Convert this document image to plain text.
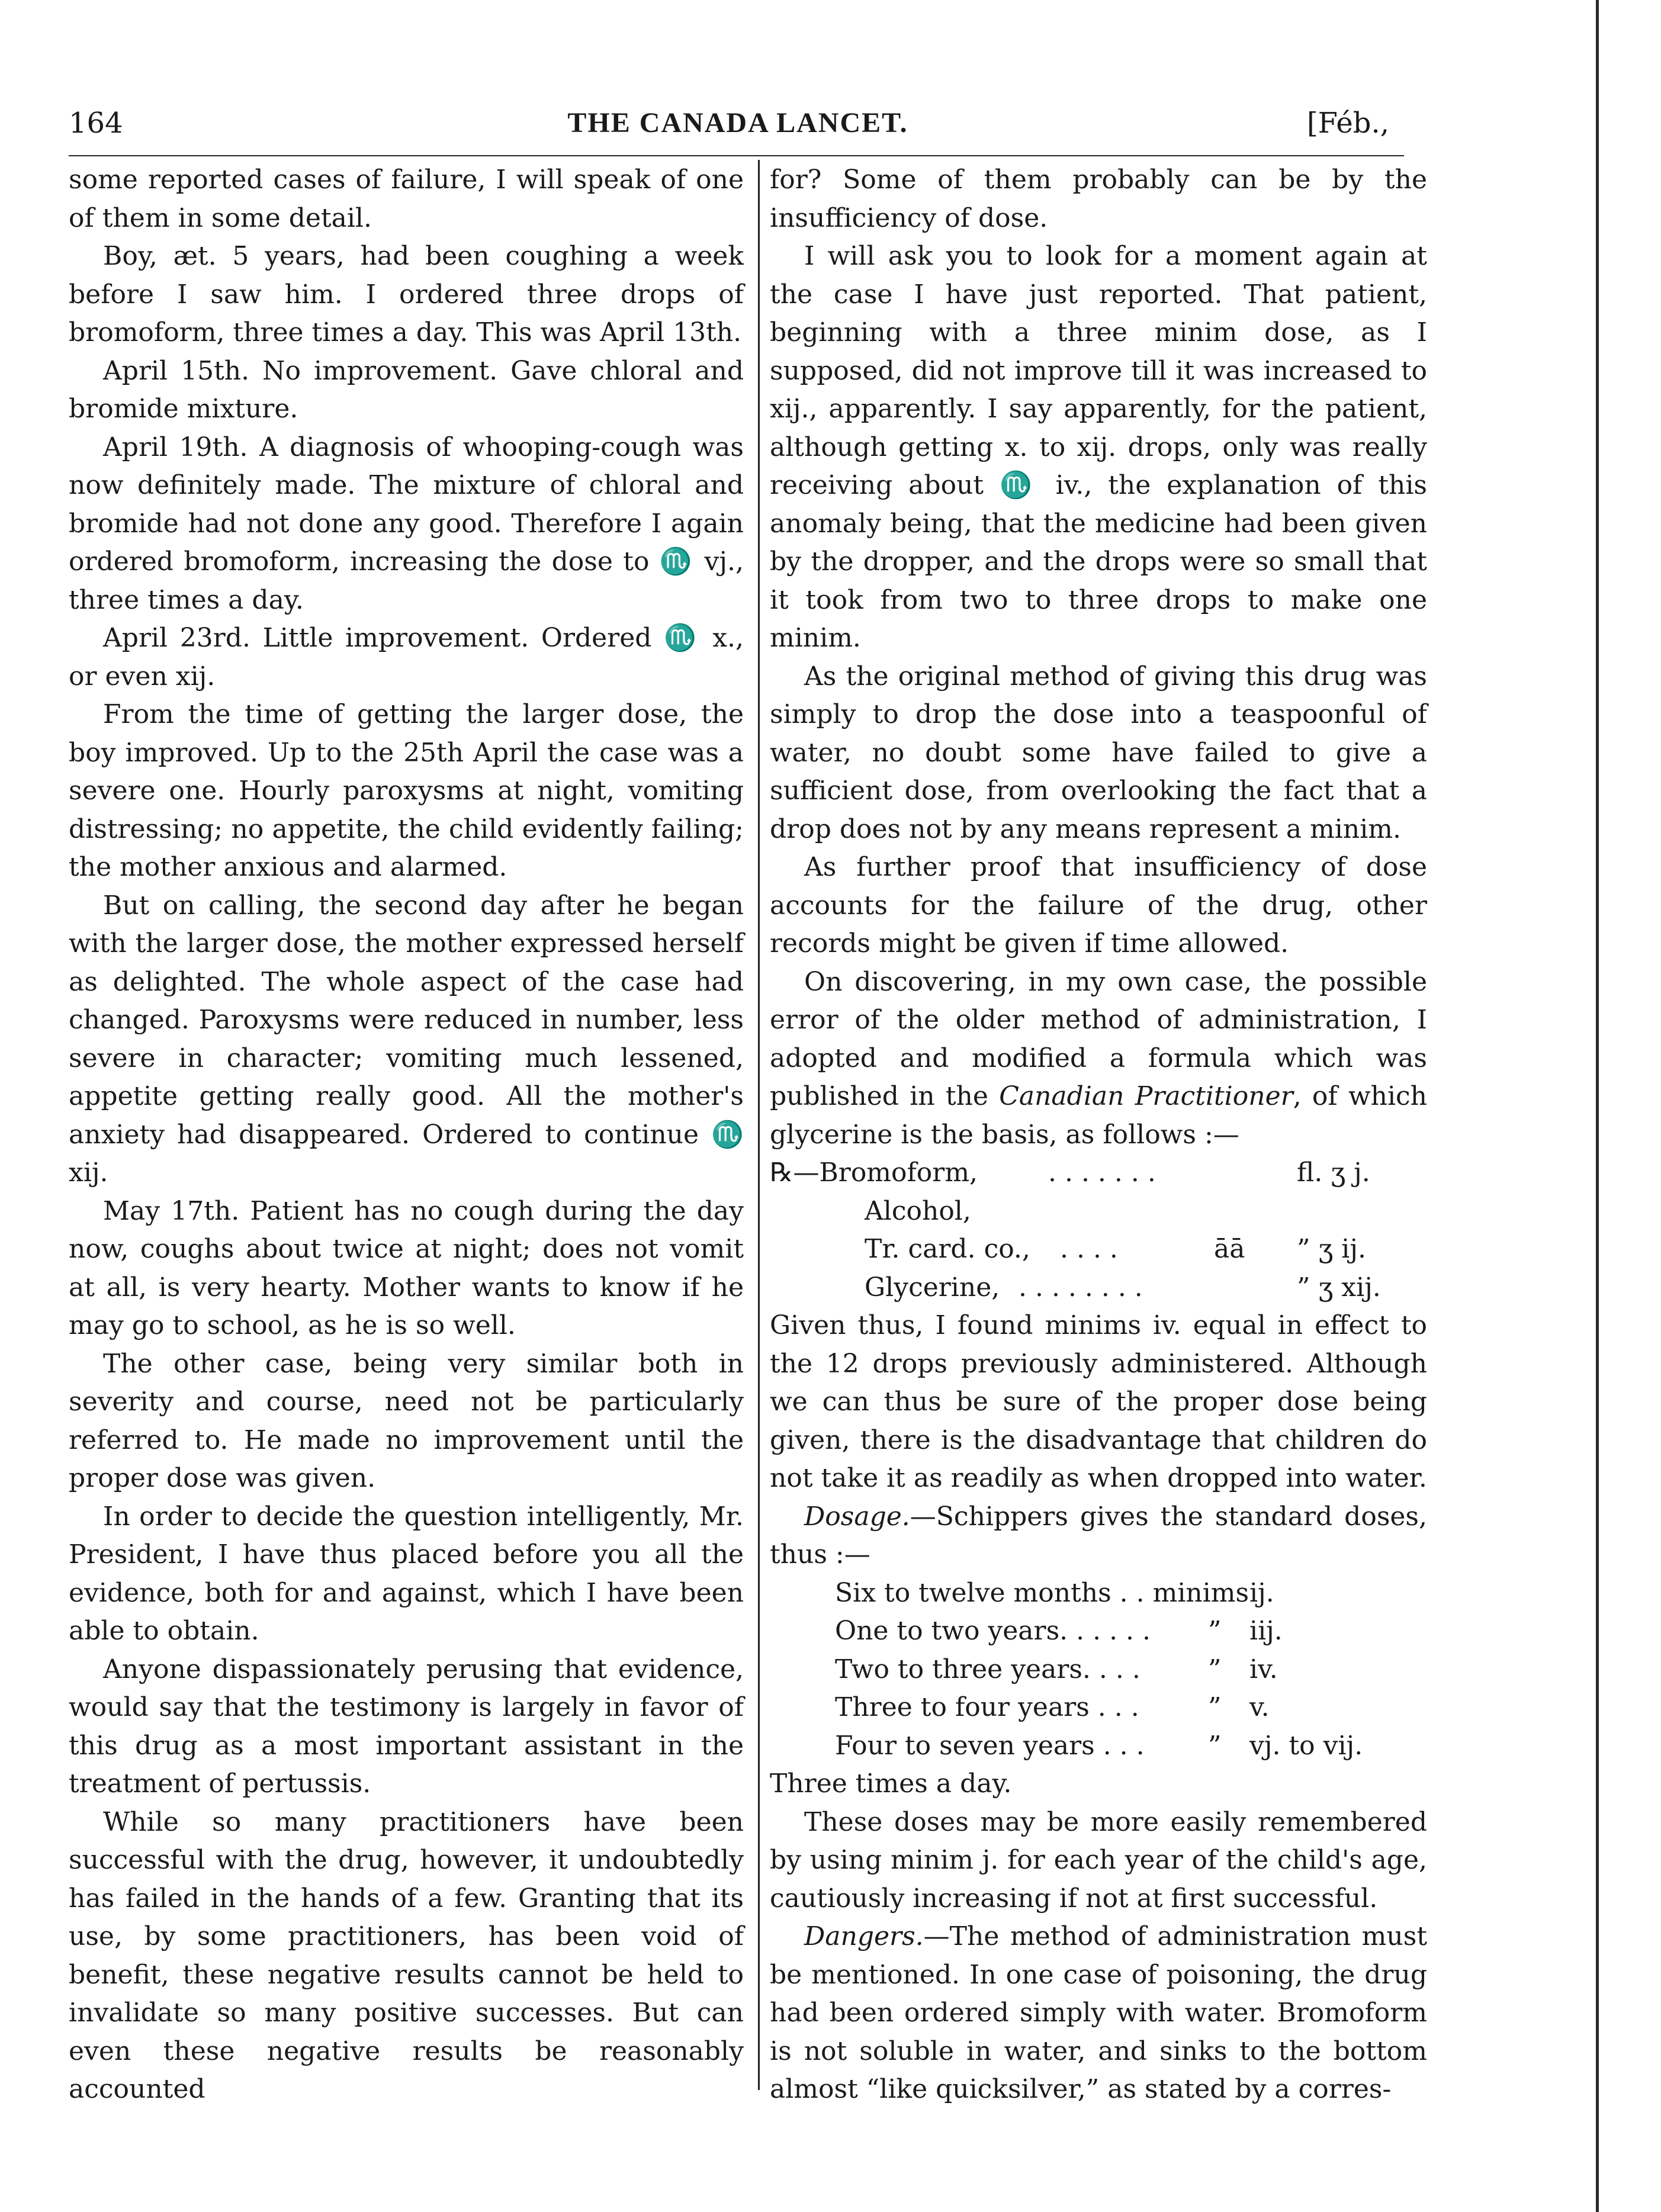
164	THE CANADA LANCET.	[Féb.,

some reported cases of failure, I will speak of one of them in some detail.

Boy, æt. 5 years, had been coughing a week before I saw him. I ordered three drops of bromoform, three times a day. This was April 13th.

April 15th. No improvement. Gave chloral and bromide mixture.

April 19th. A diagnosis of whooping-cough was now definitely made. The mixture of chloral and bromide had not done any good. Therefore I again ordered bromoform, increasing the dose to ♏ vj., three times a day.

April 23rd. Little improvement. Ordered ♏ x., or even xij.

From the time of getting the larger dose, the boy improved. Up to the 25th April the case was a severe one. Hourly paroxysms at night, vomiting distressing; no appetite, the child evidently failing; the mother anxious and alarmed.

But on calling, the second day after he began with the larger dose, the mother expressed herself as delighted. The whole aspect of the case had changed. Paroxysms were reduced in number, less severe in character; vomiting much lessened, appetite getting really good. All the mother's anxiety had disappeared. Ordered to continue ♏ xij.

May 17th. Patient has no cough during the day now, coughs about twice at night; does not vomit at all, is very hearty. Mother wants to know if he may go to school, as he is so well.

The other case, being very similar both in severity and course, need not be particularly referred to. He made no improvement until the proper dose was given.

In order to decide the question intelligently, Mr. President, I have thus placed before you all the evidence, both for and against, which I have been able to obtain.

Anyone dispassionately perusing that evidence, would say that the testimony is largely in favor of this drug as a most important assistant in the treatment of pertussis.

While so many practitioners have been successful with the drug, however, it undoubtedly has failed in the hands of a few. Granting that its use, by some practitioners, has been void of benefit, these negative results cannot be held to invalidate so many positive successes. But can even these negative results be reasonably accounted

for? Some of them probably can be by the insufficiency of dose.

I will ask you to look for a moment again at the case I have just reported. That patient, beginning with a three minim dose, as I supposed, did not improve till it was increased to xij., apparently. I say apparently, for the patient, although getting x. to xij. drops, only was really receiving about ♏ iv., the explanation of this anomaly being, that the medicine had been given by the dropper, and the drops were so small that it took from two to three drops to make one minim.

As the original method of giving this drug was simply to drop the dose into a teaspoonful of water, no doubt some have failed to give a sufficient dose, from overlooking the fact that a drop does not by any means represent a minim.

As further proof that insufficiency of dose accounts for the failure of the drug, other records might be given if time allowed.

On discovering, in my own case, the possible error of the older method of administration, I adopted and modified a formula which was published in the Canadian Practitioner, of which glycerine is the basis, as follows :—

℞—Bromoform,	. . . . . . .	fl. ʒ j.
Alcohol,
Tr. card. co., . . . .	āā ” ʒ ij.
Glycerine, . . . . . . . .	” ʒ xij.

Given thus, I found minims iv. equal in effect to the 12 drops previously administered. Although we can thus be sure of the proper dose being given, there is the disadvantage that children do not take it as readily as when dropped into water.

Dosage.—Schippers gives the standard doses, thus :—

Six to twelve months . . minims ij.
One to two years. . . . . . ” iij.
Two to three years. . . .	” iv.
Three to four years . . .	” v.
Four to seven years . . . ” vj. to vij.

Three times a day.

These doses may be more easily remembered by using minim j. for each year of the child's age, cautiously increasing if not at first successful.

Dangers.—The method of administration must be mentioned. In one case of poisoning, the drug had been ordered simply with water. Bromoform is not soluble in water, and sinks to the bottom almost “like quicksilver,” as stated by a corres-
